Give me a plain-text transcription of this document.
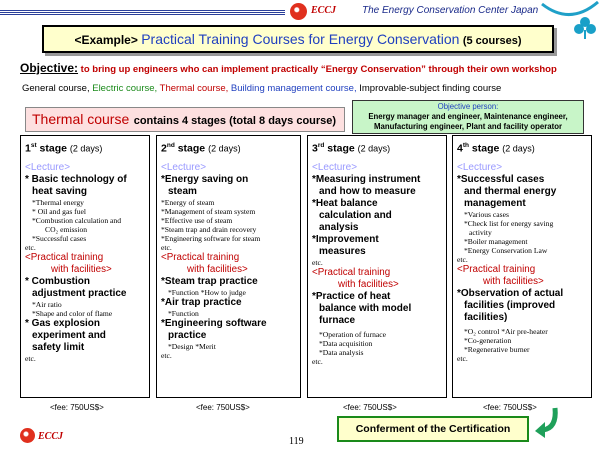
ECCJ	The Energy Conservation Center Japan
<Example> Practical Training Courses for Energy Conservation (5 courses)
Objective: to bring up engineers who can implement practically “Energy Conservation” through their own workshop
General course, Electric course, Thermal course, Building management course, Improvable-subject finding course
Objective person:
Energy manager and engineer, Maintenance engineer,
Manufacturing engineer, Plant and facility operator
Thermal course contains 4 stages (total 8 days course)
1st stage (2 days)
<Lecture>
* Basic technology of
heat saving
*Thermal energy
* Oil and gas fuel
*Combustion calculation and
CO₂ emission
*Successful cases
etc.
<Practical training
with facilities>
* Combustion
adjustment practice
*Air ratio
*Shape and color of flame
* Gas explosion
experiment and
safety limit
etc.
2nd stage (2 days)
<Lecture>
*Energy saving on
steam
*Energy of steam
*Management of steam system
*Effective use of steam
*Steam trap and drain recovery
*Engineering software for steam
etc.
<Practical training
with facilities>
*Steam trap practice
*Function *How to judge
*Air trap practice
*Function
*Engineering software
practice
*Design *Merit
etc.
3rd stage (2 days)
<Lecture>
*Measuring instrument
and how to measure
*Heat balance
calculation and
analysis
*Improvement
measures
etc.
<Practical training
with facilities>
*Practice of heat
balance with model
furnace
*Operation of furnace
*Data acquisition
*Data analysis
etc.
4th stage (2 days)
<Lecture>
*Successful cases
and thermal energy
management
*Various cases
*Check list for energy saving
activity
*Boiler management
*Energy Conservation Law
etc.
<Practical training
with facilities>
*Observation of actual
facilities (improved
facilities)
*O₂ control *Air pre-heater
*Co-generation
*Regenerative burner
etc.
<fee: 750US$>	<fee: 750US$>	<fee: 750US$>	<fee: 750US$>
Conferment of the Certification
119
ECCJ
